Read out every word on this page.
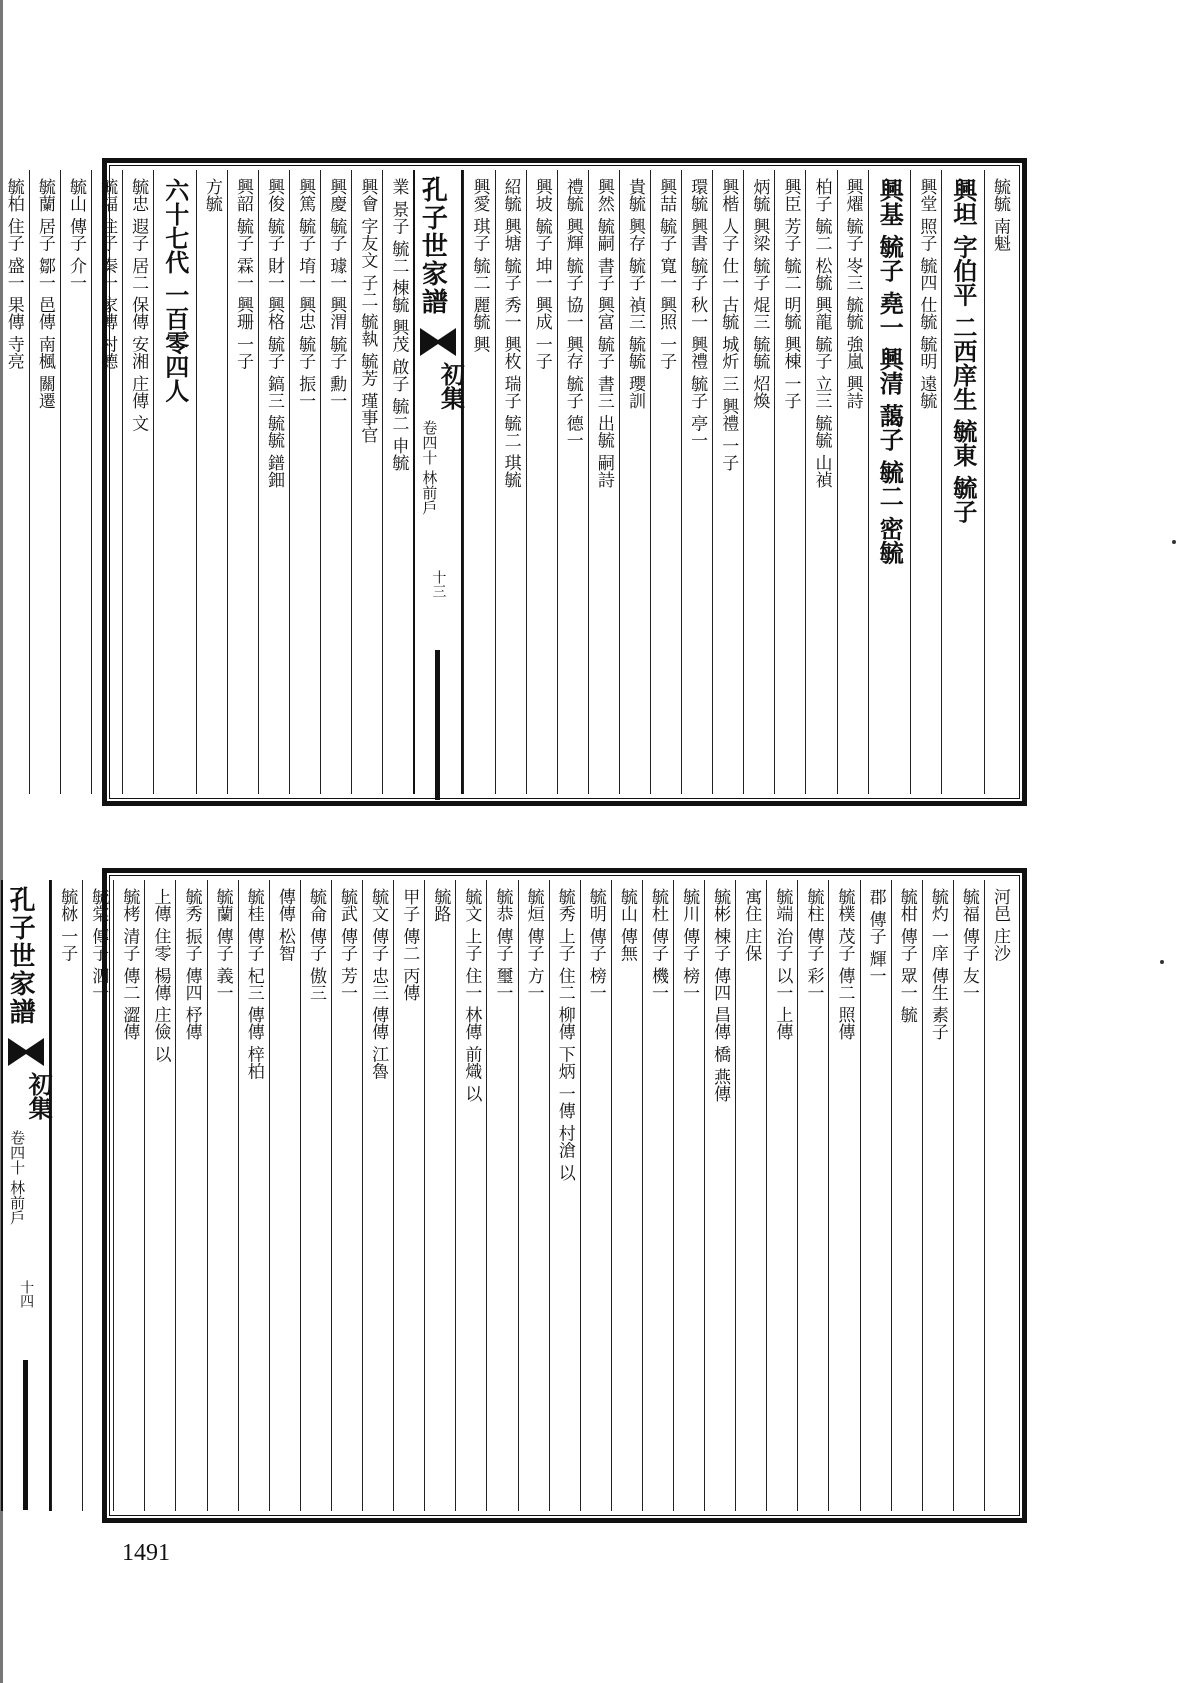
毓毓 南魁
興坦 字伯平 二西庠生 毓東 毓子
興堂 照子 毓四 仕毓 毓明 遠毓
興基 毓子 堯一 興清 藹子 毓二 密毓
興燿 毓子 岺三 毓毓 強嵐 興詩
柏子 毓二 松毓 興龍 毓子 立三 毓毓 山禎
興臣 芳子 毓二 明毓 興棟 一子
炳毓 興梁 毓子 焜三 毓毓 炤煥
興楷 人子 仕一 古毓 城炘 三 興禮 一子
環毓 興書 毓子 秋一 興禮 毓子 亭一
興喆 毓子 寬一 興照 一子
貴毓 興存 毓子 禎三 毓毓 瓔訓
興然 毓嗣 書子 興富 毓子 書三 出毓 嗣詩
禮毓 興輝 毓子 協一 興存 毓子 德一
興坡 毓子 坤一 興成 一子
紹毓 興塘 毓子 秀一 興枚 瑞子 毓二 琪毓
興愛 琪子 毓二 麗毓 興
孔子世家譜
初集
卷四十 林前戶
十三
業 景子 毓二 棟毓 興茂 啟子 毓二 申毓
興會 字友文 子二 毓執 毓芳 瑾事官
興慶 毓子 璩一 興渭 毓子 勳一
興篤 毓子 堉一 興忠 毓子 振一
興俊 毓子 財一 興格 毓子 鎬三 毓毓 鐠鈿
興韶 毓子 霖一 興珊 一子
方毓
六十七代 一百零四人
毓忠 遐子 居二 保傳 安湘 庄傳 文
毓福 住子 秦一 家傳 村德
毓山 傳子 介一
毓蘭 居子 鄒一 邑傳 南楓 關遷
毓柏 住子 盛一 果傳 寺亮
河邑 庄沙
毓福 傳子 友一
毓灼 一庠 傳生 素子
毓柑 傳子 眾一 毓
郡 傳子 輝一
毓樸 茂子 傳二 照傳
毓柱 傳子 彩一
毓端 治子 以一 上傳
寓住 庄保
毓彬 棟子 傳四 昌傳 橋 燕傳
毓川 傳子 榜一
毓杜 傳子 機一
毓山 傳無
毓明 傳子 榜一
毓秀 上子 住二 柳傳 下炳 一傳 村滄 以
毓烜 傳子 方一
毓恭 傳子 璽一
毓文 上子 住一 林傳 前熾 以
毓路
甲子 傳二 丙傳
毓文 傳子 忠三 傳傳 江魯
毓武 傳子 芳一
毓侖 傳子 傲三
傳傳 松智
毓桂 傳子 杞三 傳傳 梓柏
毓蘭 傳子 義一
毓秀 振子 傳四 杼傳
上傳 住零 楊傳 庄儉 以
毓栲 清子 傳二 澀傳
毓棠 傳子 泗一
毓栤 一子
孔子世家譜
初集
卷四十 林前戶
十四
1491
